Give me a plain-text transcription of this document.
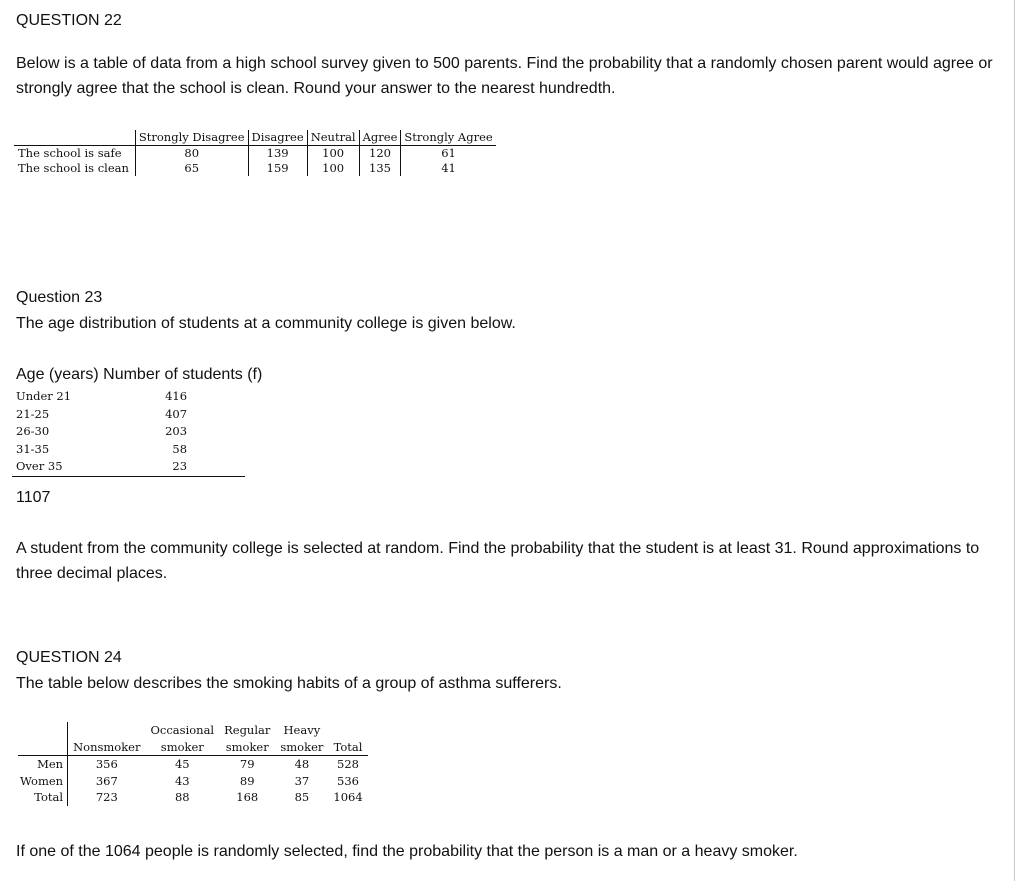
QUESTION 22
Below is a table of data from a high school survey given to 500 parents. Find the probability that a randomly chosen parent would agree or strongly agree that the school is clean. Round your answer to the nearest hundredth.
	Strongly Disagree	Disagree	Neutral	Agree	Strongly Agree
The school is safe	80	139	100	120	61
The school is clean	65	159	100	135	41
Question 23
The age distribution of students at a community college is given below.
Age (years) Number of students (f)
Under 21	416
21-25	407
26-30	203
31-35	58
Over 35	23
1107
A student from the community college is selected at random. Find the probability that the student is at least 31. Round approximations to three decimal places.
QUESTION 24
The table below describes the smoking habits of a group of asthma sufferers.
		Occasional	Regular	Heavy	
	Nonsmoker	smoker	smoker	smoker	Total
Men	356	45	79	48	528
Women	367	43	89	37	536
Total	723	88	168	85	1064
If one of the 1064 people is randomly selected, find the probability that the person is a man or a heavy smoker.
